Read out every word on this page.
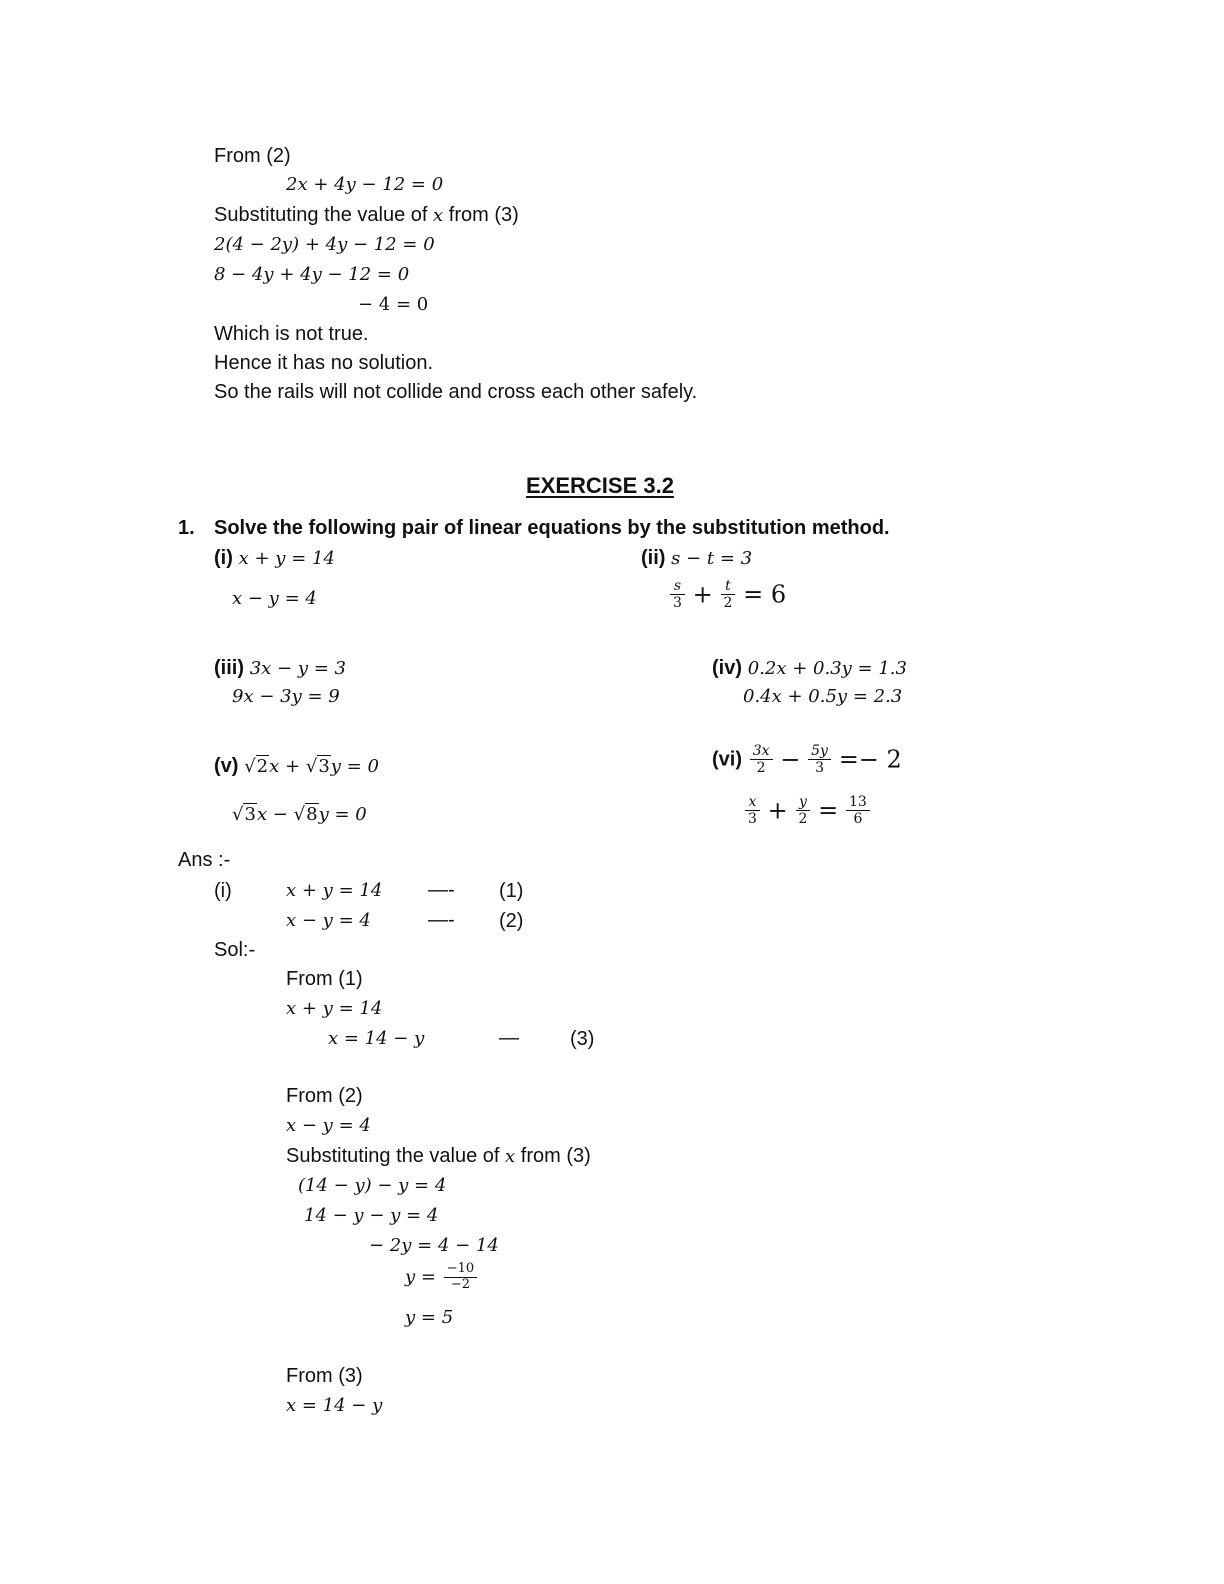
From (2)
2x + 4y − 12 = 0
Substituting the value of x from (3)
2(4 − 2y) + 4y − 12 = 0
8 − 4y + 4y − 12 = 0
− 4 = 0
Which is not true.
Hence it has no solution.
So the rails will not collide and cross each other safely.
EXERCISE 3.2
1. Solve the following pair of linear equations by the substitution method.
(i) x + y = 14
x − y = 4
(ii) s − t = 3
$\frac{s}{3} + \frac{t}{2} = 6$
(iii) 3x − y = 3
9x − 3y = 9
(iv) 0.2x + 0.3y = 1.3
0.4x + 0.5y = 2.3
(v) √2x + √3y = 0
√3x − √8y = 0
$(vi) \frac{3x}{2} - \frac{5y}{3} =- 2$
$\frac{x}{3} + \frac{y}{2} = \frac{13}{6}$
Ans :-
(i)	x + y = 14 —- (1)
x − y = 4	—- (2)
Sol:-
From (1)
x + y = 14
x = 14 − y	—	(3)
From (2)
x − y = 4
Substituting the value of x from (3)
(14 − y) − y = 4
14 − y − y = 4
− 2y = 4 − 14
$y = \frac{-10}{-2}$
y = 5
From (3)
x = 14 − y
